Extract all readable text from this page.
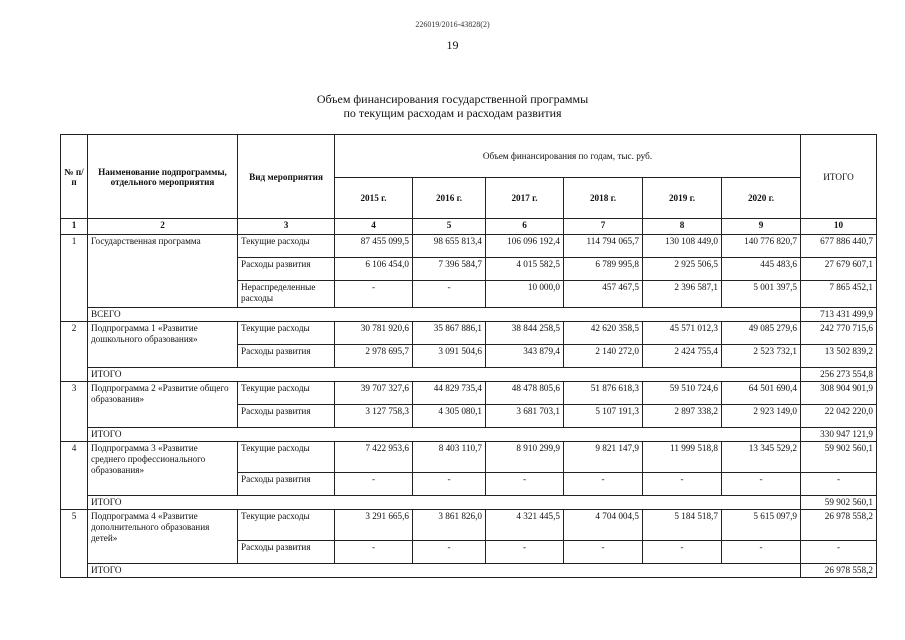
226019/2016-43828(2)
19
Объем финансирования государственной программы
по текущим расходам и расходам развития
№ п/п	Наименование подпрограммы, отдельного мероприятия	Вид мероприятия	Объем финансирования по годам, тыс. руб.						ИТОГО
			2015 г.	2016 г.	2017 г.	2018 г.	2019 г.	2020 г.	
1	2	3	4	5	6	7	8	9	10
1	Государственная программа	Текущие расходы	87 455 099,5	98 655 813,4	106 096 192,4	114 794 065,7	130 108 449,0	140 776 820,7	677 886 440,7
		Расходы развития	6 106 454,0	7 396 584,7	4 015 582,5	6 789 995,8	2 925 506,5	445 483,6	27 679 607,1
		Нераспределенные расходы	-	-	10 000,0	457 467,5	2 396 587,1	5 001 397,5	7 865 452,1
	ВСЕГО								713 431 499,9
2	Подпрограмма 1 «Развитие дошкольного образования»	Текущие расходы	30 781 920,6	35 867 886,1	38 844 258,5	42 620 358,5	45 571 012,3	49 085 279,6	242 770 715,6
		Расходы развития	2 978 695,7	3 091 504,6	343 879,4	2 140 272,0	2 424 755,4	2 523 732,1	13 502 839,2
	ИТОГО								256 273 554,8
3	Подпрограмма 2 «Развитие общего образования»	Текущие расходы	39 707 327,6	44 829 735,4	48 478 805,6	51 876 618,3	59 510 724,6	64 501 690,4	308 904 901,9
		Расходы развития	3 127 758,3	4 305 080,1	3 681 703,1	5 107 191,3	2 897 338,2	2 923 149,0	22 042 220,0
	ИТОГО								330 947 121,9
4	Подпрограмма 3 «Развитие среднего профессионального образования»	Текущие расходы	7 422 953,6	8 403 110,7	8 910 299,9	9 821 147,9	11 999 518,8	13 345 529,2	59 902 560,1
		Расходы развития	-	-	-	-	-	-	-
	ИТОГО								59 902 560,1
5	Подпрограмма 4 «Развитие дополнительного образования детей»	Текущие расходы	3 291 665,6	3 861 826,0	4 321 445,5	4 704 004,5	5 184 518,7	5 615 097,9	26 978 558,2
		Расходы развития	-	-	-	-	-	-	-
	ИТОГО								26 978 558,2
